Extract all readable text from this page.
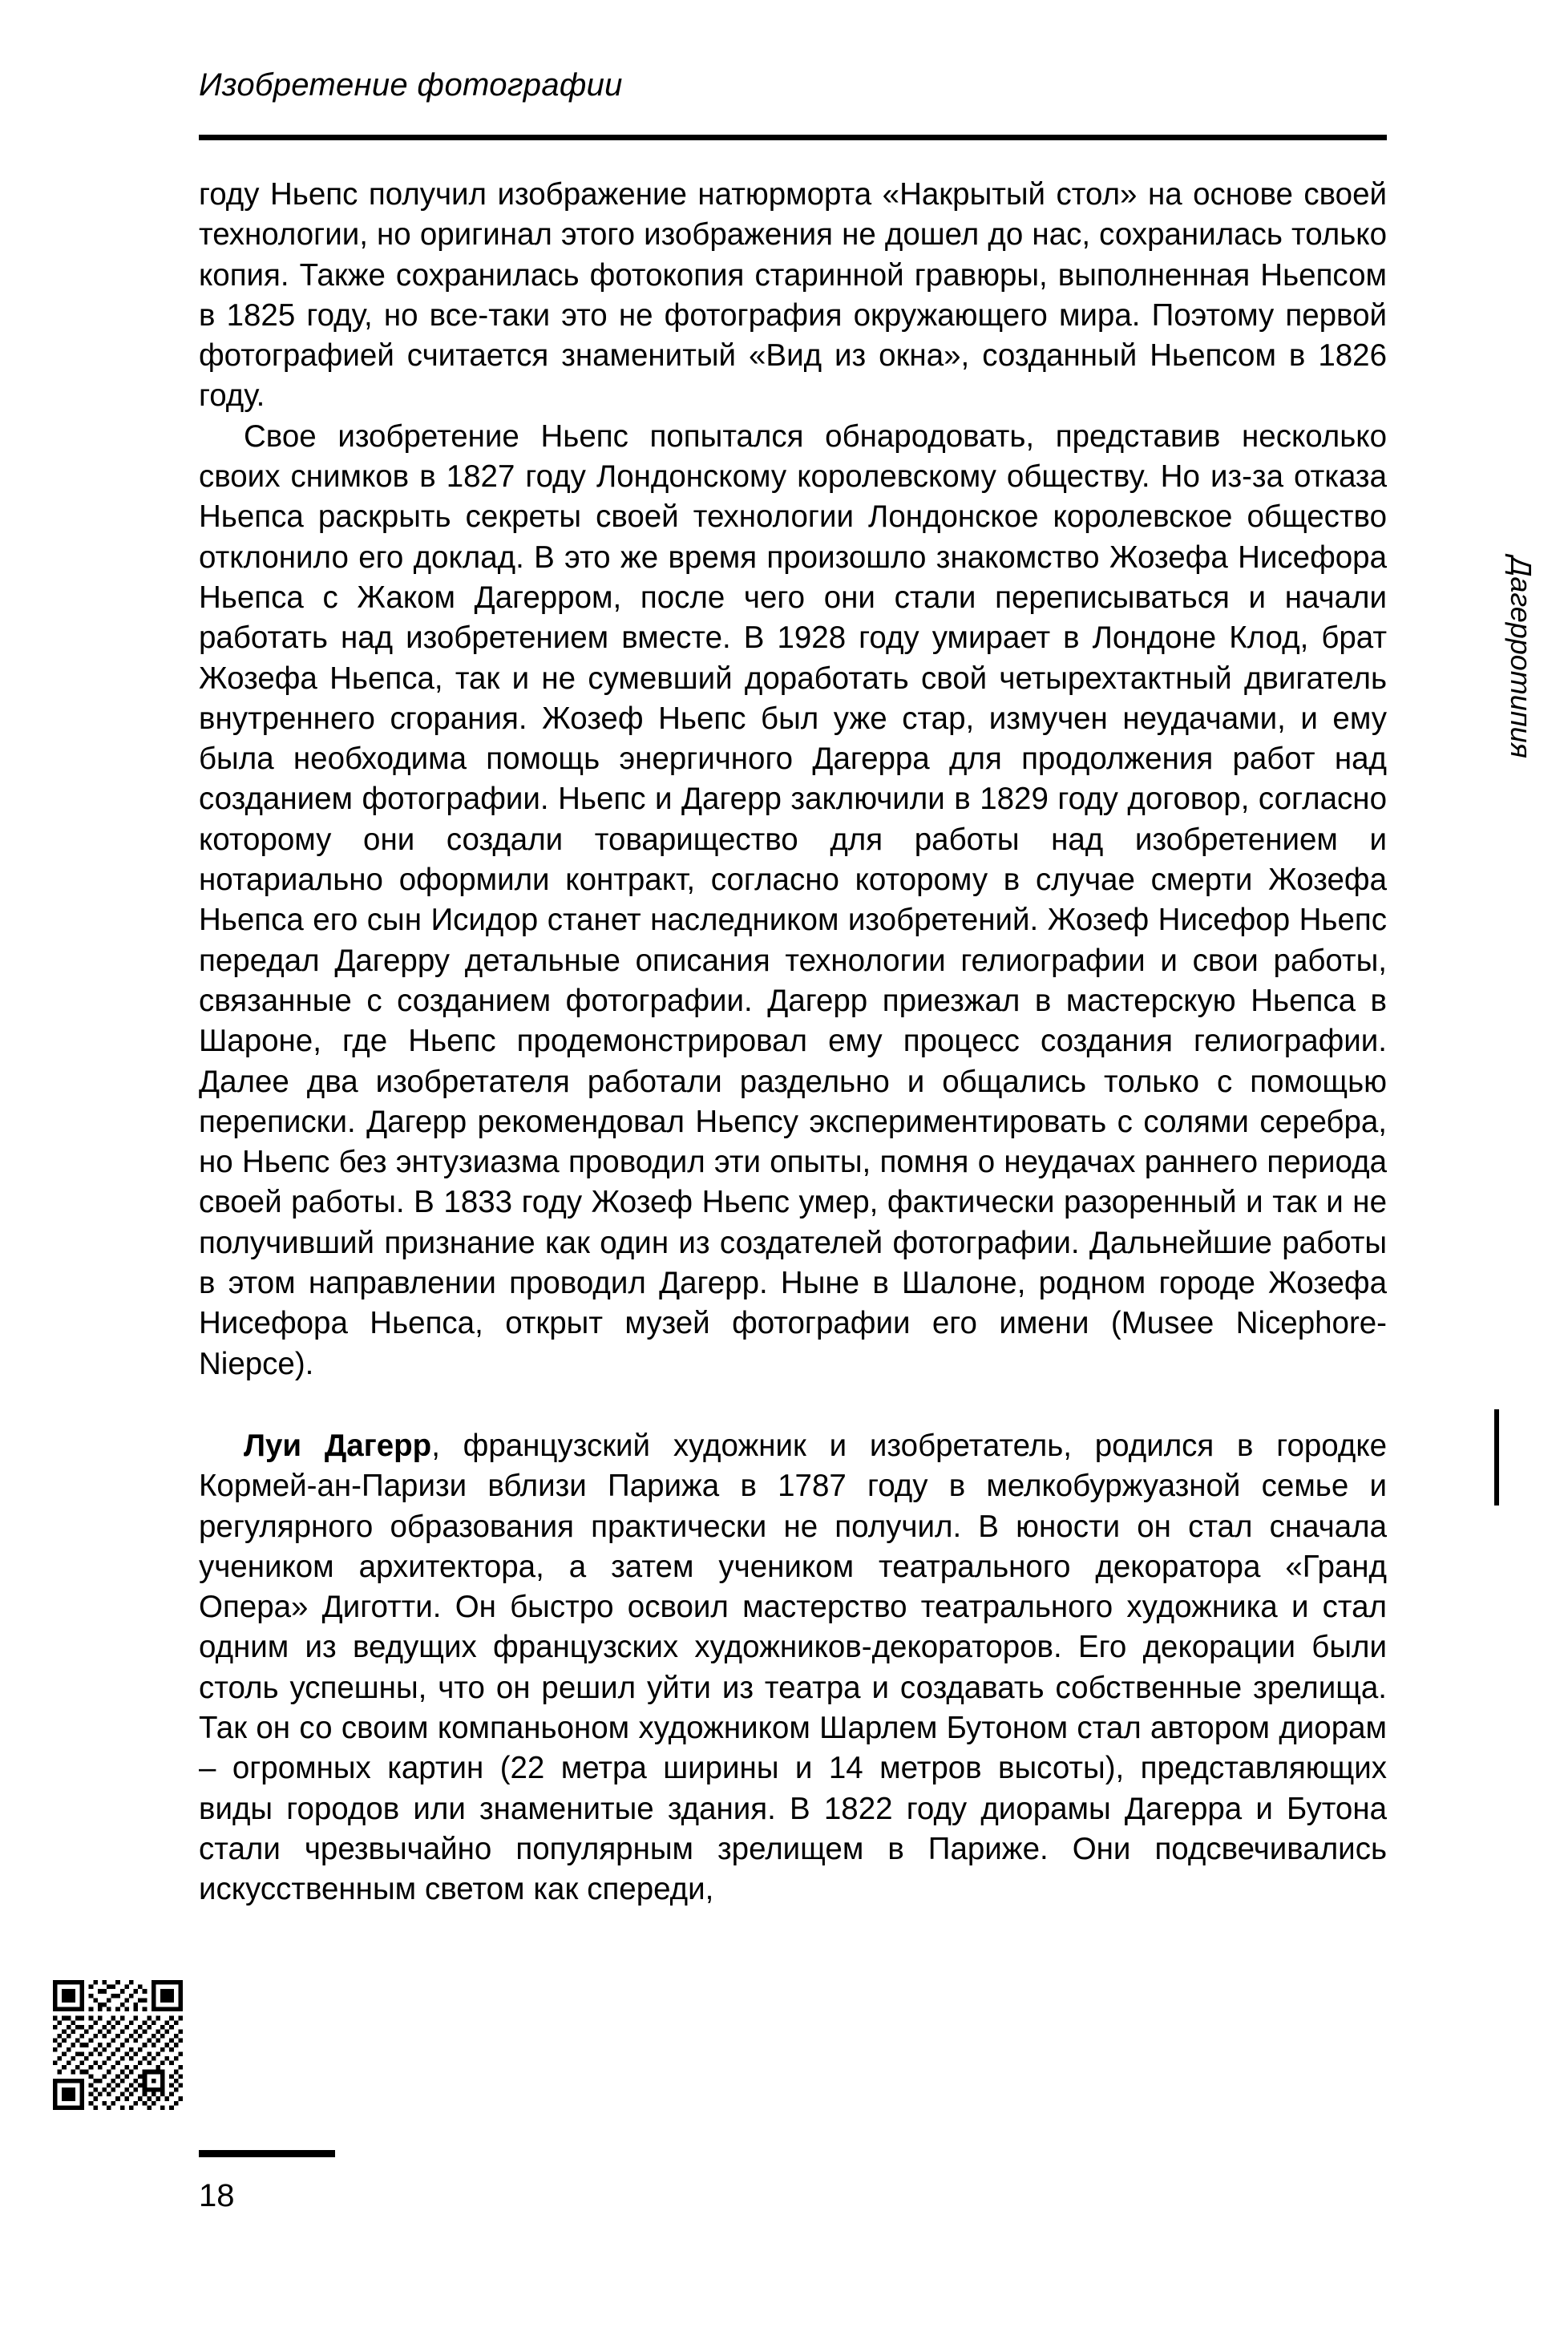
Изобретение фотографии

году Ньепс получил изображение натюрморта «Накрытый стол» на основе своей технологии, но оригинал этого изображения не дошел до нас, сохранилась только копия. Также сохранилась фотокопия старинной гравюры, выполненная Ньепсом в 1825 году, но все-таки это не фотография окружающего мира. Поэтому первой фотографией считается знаменитый «Вид из окна», созданный Ньепсом в 1826 году.

Свое изобретение Ньепс попытался обнародовать, представив несколько своих снимков в 1827 году Лондонскому королевскому обществу. Но из-за отказа Ньепса раскрыть секреты своей технологии Лондонское королевское общество отклонило его доклад. В это же время произошло знакомство Жозефа Нисефора Ньепса с Жаком Дагерром, после чего они стали переписываться и начали работать над изобретением вместе. В 1928 году умирает в Лондоне Клод, брат Жозефа Ньепса, так и не сумевший доработать свой четырехтактный двигатель внутреннего сгорания. Жозеф Ньепс был уже стар, измучен неудачами, и ему была необходима помощь энергичного Дагерра для продолжения работ над созданием фотографии. Ньепс и Дагерр заключили в 1829 году договор, согласно которому они создали товарищество для работы над изобретением и нотариально оформили контракт, согласно которому в случае смерти Жозефа Ньепса его сын Исидор станет наследником изобретений. Жозеф Нисефор Ньепс передал Дагерру детальные описания технологии гелиографии и свои работы, связанные с созданием фотографии. Дагерр приезжал в мастерскую Ньепса в Шароне, где Ньепс продемонстрировал ему процесс создания гелиографии. Далее два изобретателя работали раздельно и общались только с помощью переписки. Дагерр рекомендовал Ньепсу экспериментировать с солями серебра, но Ньепс без энтузиазма проводил эти опыты, помня о неудачах раннего периода своей работы. В 1833 году Жозеф Ньепс умер, фактически разоренный и так и не получивший признание как один из создателей фотографии. Дальнейшие работы в этом направлении проводил Дагерр. Ныне в Шалоне, родном городе Жозефа Нисефора Ньепса, открыт музей фотографии его имени (Musee Nicephore-Niepce).

Луи Дагерр, французский художник и изобретатель, родился в городке Кормей-ан-Паризи вблизи Парижа в 1787 году в мелкобуржуазной семье и регулярного образования практически не получил. В юности он стал сначала учеником архитектора, а затем учеником театрального декоратора «Гранд Опера» Диготти. Он быстро освоил мастерство театрального художника и стал одним из ведущих французских художников-декораторов. Его декорации были столь успешны, что он решил уйти из театра и создавать собственные зрелища. Так он со своим компаньоном художником Шарлем Бутоном стал автором диорам – огромных картин (22 метра ширины и 14 метров высоты), представляющих виды городов или знаменитые здания. В 1822 году диорамы Дагерра и Бутона стали чрезвычайно популярным зрелищем в Париже. Они подсвечивались искусственным светом как спереди,

Дагерротипия
18
